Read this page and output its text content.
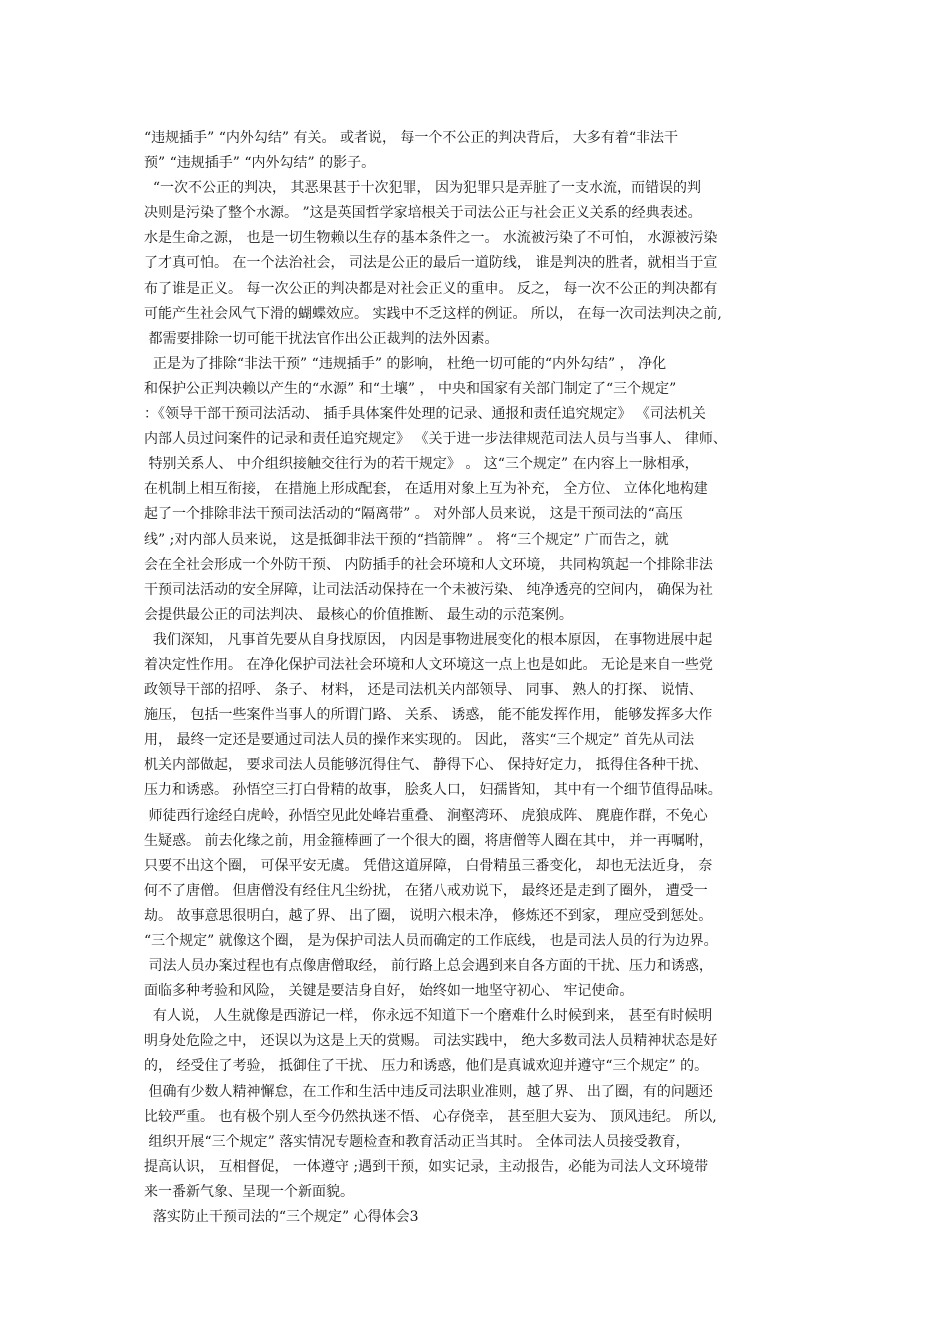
“违规插手” “内外勾结” 有关。 或者说， 每一个不公正的判决背后， 大多有着“非法干
预” “违规插手” “内外勾结” 的影子。
“一次不公正的判决， 其恶果甚于十次犯罪， 因为犯罪只是弄脏了一支水流，而错误的判
决则是污染了整个水源。 ”这是英国哲学家培根关于司法公正与社会正义关系的经典表述。
水是生命之源， 也是一切生物赖以生存的基本条件之一。 水流被污染了不可怕， 水源被污染
了才真可怕。 在一个法治社会， 司法是公正的最后一道防线， 谁是判决的胜者，就相当于宣
布了谁是正义。 每一次公正的判决都是对社会正义的重申。 反之， 每一次不公正的判决都有
可能产生社会风气下滑的蝴蝶效应。 实践中不乏这样的例证。 所以， 在每一次司法判决之前,
都需要排除一切可能干扰法官作出公正裁判的法外因素。
正是为了排除“非法干预” “违规插手” 的影响， 杜绝一切可能的“内外勾结” ， 净化
和保护公正判决赖以产生的“水源” 和“土壤” ， 中央和国家有关部门制定了“三个规定”
：《领导干部干预司法活动、 插手具体案件处理的记录、通报和责任追究规定》 《司法机关
内部人员过问案件的记录和责任追究规定》 《关于进一步法律规范司法人员与当事人、 律师、
特别关系人、 中介组织接触交往行为的若干规定》 。 这“三个规定” 在内容上一脉相承，
在机制上相互衔接， 在措施上形成配套， 在适用对象上互为补充， 全方位、 立体化地构建
起了一个排除非法干预司法活动的“隔离带” 。 对外部人员来说， 这是干预司法的“高压
线” ;对内部人员来说， 这是抵御非法干预的“挡箭牌” 。 将“三个规定” 广而告之，就
会在全社会形成一个外防干预、 内防插手的社会环境和人文环境， 共同构筑起一个排除非法
干预司法活动的安全屏障，让司法活动保持在一个未被污染、 纯净透亮的空间内， 确保为社
会提供最公正的司法判决、 最核心的价值推断、 最生动的示范案例。
我们深知， 凡事首先要从自身找原因， 内因是事物进展变化的根本原因， 在事物进展中起
着决定性作用。 在净化保护司法社会环境和人文环境这一点上也是如此。 无论是来自一些党
政领导干部的招呼、 条子、 材料， 还是司法机关内部领导、 同事、 熟人的打探、 说情、
施压， 包括一些案件当事人的所谓门路、 关系、 诱惑， 能不能发挥作用， 能够发挥多大作
用， 最终一定还是要通过司法人员的操作来实现的。 因此， 落实“三个规定” 首先从司法
机关内部做起， 要求司法人员能够沉得住气、 静得下心、 保持好定力， 抵得住各种干扰、
压力和诱惑。 孙悟空三打白骨精的故事， 脍炙人口， 妇孺皆知， 其中有一个细节值得品味。
师徒西行途经白虎岭，孙悟空见此处峰岩重叠、 涧壑湾环、 虎狼成阵、 麂鹿作群，不免心
生疑惑。 前去化缘之前，用金箍棒画了一个很大的圈，将唐僧等人圈在其中， 并一再嘱咐，
只要不出这个圈， 可保平安无虞。 凭借这道屏障， 白骨精虽三番变化， 却也无法近身， 奈
何不了唐僧。 但唐僧没有经住凡尘纷扰， 在猪八戒劝说下， 最终还是走到了圈外， 遭受一
劫。 故事意思很明白，越了界、 出了圈， 说明六根未净， 修炼还不到家， 理应受到惩处。
“三个规定” 就像这个圈， 是为保护司法人员而确定的工作底线， 也是司法人员的行为边界。
司法人员办案过程也有点像唐僧取经， 前行路上总会遇到来自各方面的干扰、压力和诱惑，
面临多种考验和风险， 关键是要洁身自好， 始终如一地坚守初心、 牢记使命。
有人说， 人生就像是西游记一样， 你永远不知道下一个磨难什么时候到来， 甚至有时候明
明身处危险之中， 还误以为这是上天的赏赐。 司法实践中， 绝大多数司法人员精神状态是好
的， 经受住了考验， 抵御住了干扰、 压力和诱惑，他们是真诚欢迎并遵守“三个规定” 的。
但确有少数人精神懈怠，在工作和生活中违反司法职业准则，越了界、 出了圈，有的问题还
比较严重。 也有极个别人至今仍然执迷不悟、 心存侥幸， 甚至胆大妄为、 顶风违纪。 所以,
组织开展“三个规定” 落实情况专题检查和教育活动正当其时。 全体司法人员接受教育，
提高认识， 互相督促， 一体遵守 ;遇到干预，如实记录，主动报告，必能为司法人文环境带
来一番新气象、呈现一个新面貌。
落实防止干预司法的“三个规定” 心得体会3
